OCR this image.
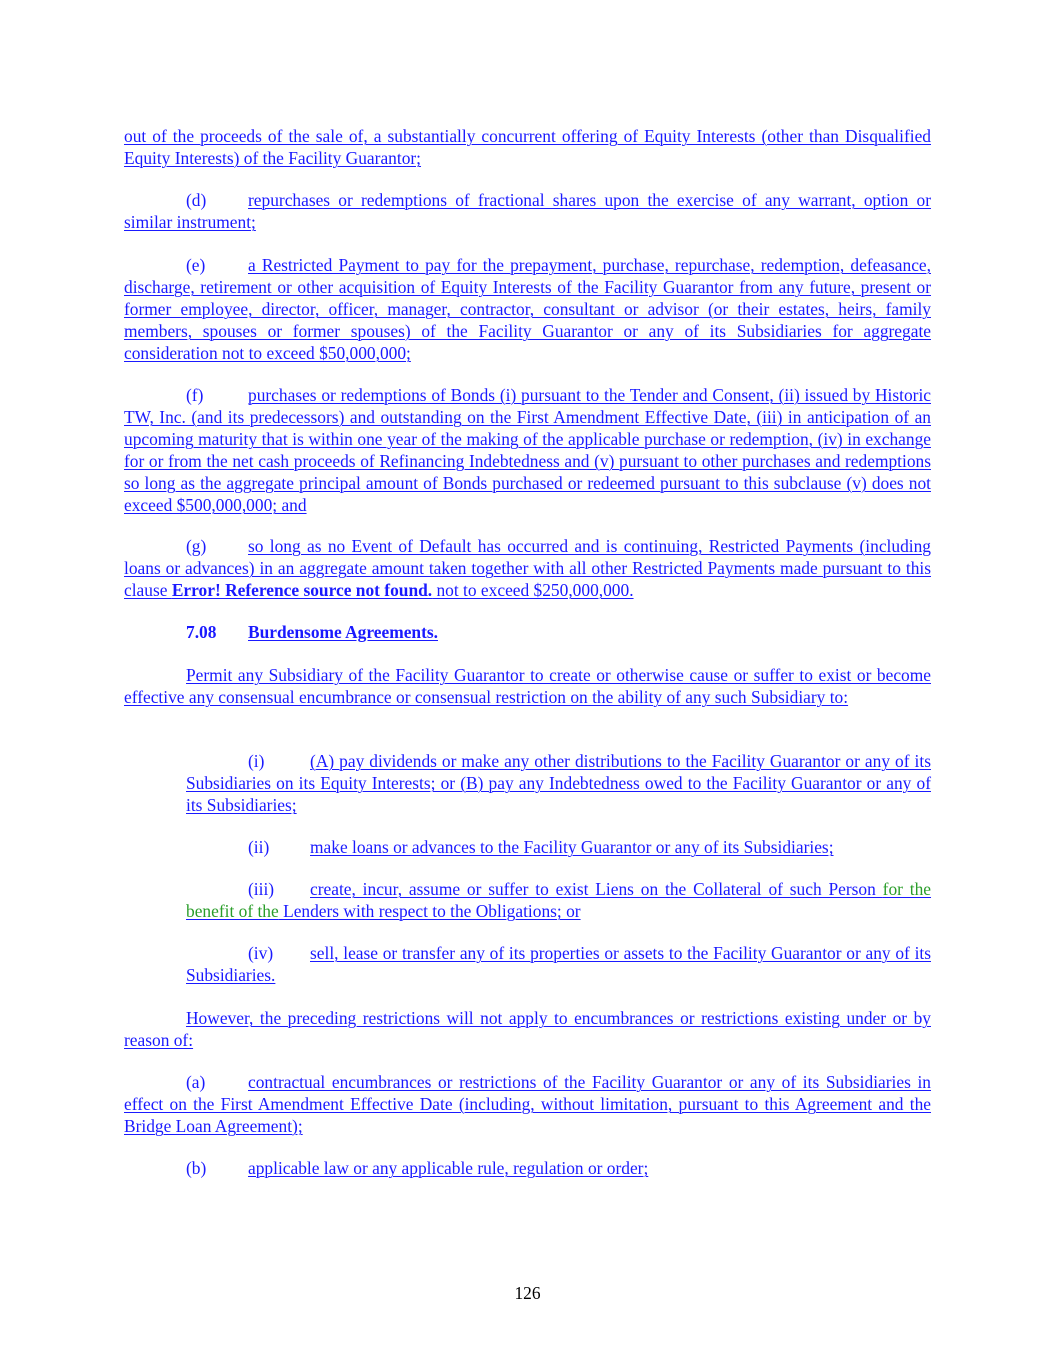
out of the proceeds of the sale of, a substantially concurrent offering of Equity Interests (other than Disqualified Equity Interests) of the Facility Guarantor;

(d) repurchases or redemptions of fractional shares upon the exercise of any warrant, option or similar instrument;

(e) a Restricted Payment to pay for the prepayment, purchase, repurchase, redemption, defeasance, discharge, retirement or other acquisition of Equity Interests of the Facility Guarantor from any future, present or former employee, director, officer, manager, contractor, consultant or advisor (or their estates, heirs, family members, spouses or former spouses) of the Facility Guarantor or any of its Subsidiaries for aggregate consideration not to exceed $50,000,000;

(f)	purchases or redemptions of Bonds (i) pursuant to the Tender and Consent, (ii) issued by Historic TW, Inc. (and its predecessors) and outstanding on the First Amendment Effective Date, (iii) in anticipation of an upcoming maturity that is within one year of the making of the applicable purchase or redemption, (iv) in exchange for or from the net cash proceeds of Refinancing Indebtedness and (v) pursuant to other purchases and redemptions so long as the aggregate principal amount of Bonds purchased or redeemed pursuant to this subclause (v) does not exceed $500,000,000; and

(g) so long as no Event of Default has occurred and is continuing, Restricted Payments (including loans or advances) in an aggregate amount taken together with all other Restricted Payments made pursuant to this clause Error! Reference source not found. not to exceed $250,000,000.

7.08 Burdensome Agreements.

Permit any Subsidiary of the Facility Guarantor to create or otherwise cause or suffer to exist or become effective any consensual encumbrance or consensual restriction on the ability of any such Subsidiary to:

(i)	(A) pay dividends or make any other distributions to the Facility Guarantor or any of its Subsidiaries on its Equity Interests; or (B) pay any Indebtedness owed to the Facility Guarantor or any of its Subsidiaries;

(ii) make loans or advances to the Facility Guarantor or any of its Subsidiaries;

(iii) create, incur, assume or suffer to exist Liens on the Collateral of such Person for the benefit of the Lenders with respect to the Obligations; or

(iv) sell, lease or transfer any of its properties or assets to the Facility Guarantor or any of its Subsidiaries.

However, the preceding restrictions will not apply to encumbrances or restrictions existing under or by reason of:

(a) contractual encumbrances or restrictions of the Facility Guarantor or any of its Subsidiaries in effect on the First Amendment Effective Date (including, without limitation, pursuant to this Agreement and the Bridge Loan Agreement);

(b) applicable law or any applicable rule, regulation or order;

126
